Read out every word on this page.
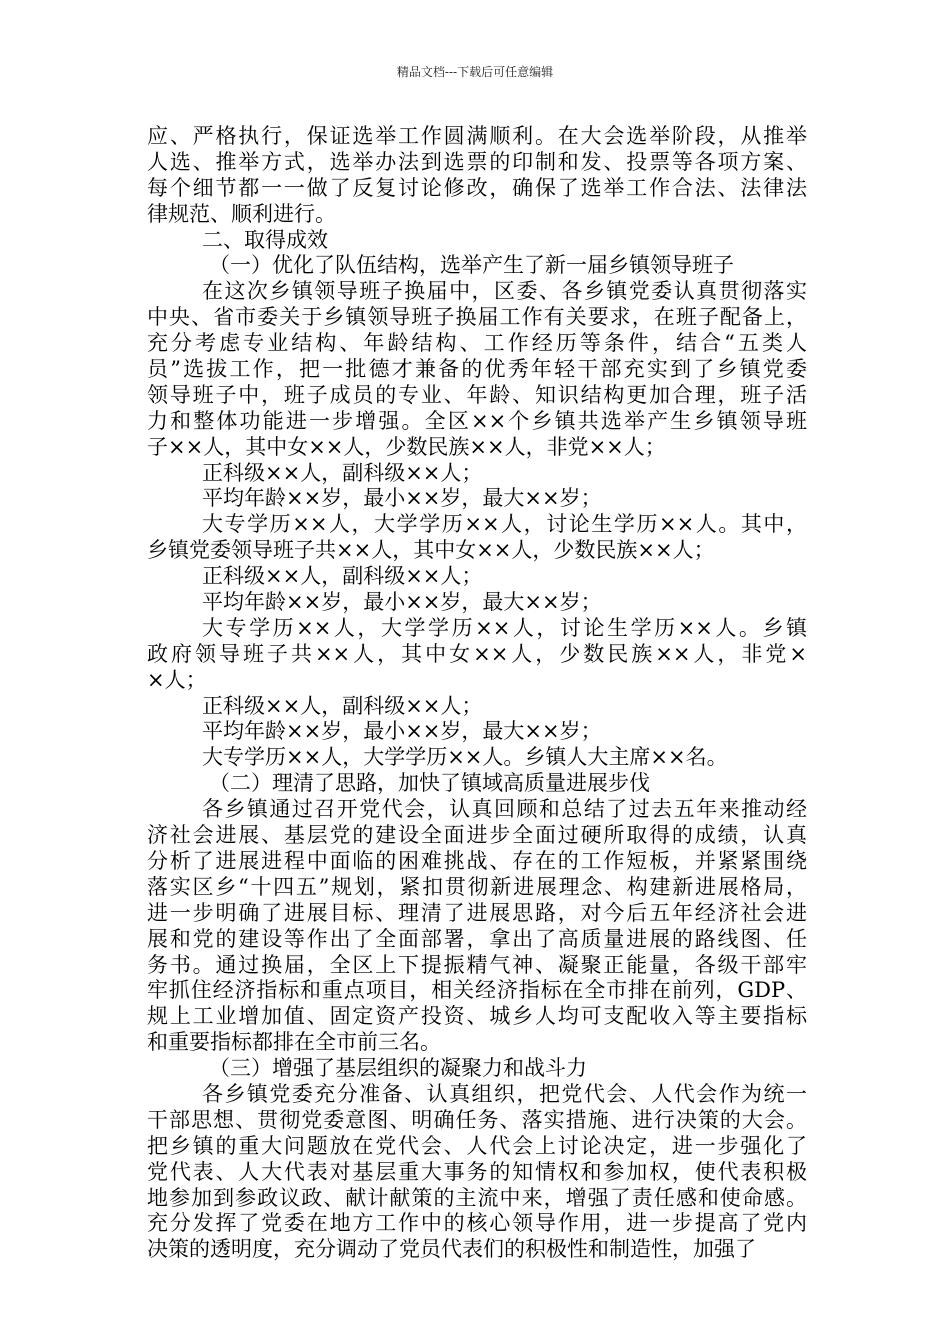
精品文档---下载后可任意编辑
应、严格执行，保证选举工作圆满顺利。在大会选举阶段，从推举
人选、推举方式，选举办法到选票的印制和发、投票等各项方案、
每个细节都一一做了反复讨论修改，确保了选举工作合法、法律法
律规范、顺利进行。
二、取得成效
（一）优化了队伍结构，选举产生了新一届乡镇领导班子
在这次乡镇领导班子换届中，区委、各乡镇党委认真贯彻落实
中央、省市委关于乡镇领导班子换届工作有关要求，在班子配备上，
充分考虑专业结构、年龄结构、工作经历等条件，结合“五类人
员”选拔工作，把一批德才兼备的优秀年轻干部充实到了乡镇党委
领导班子中，班子成员的专业、年龄、知识结构更加合理，班子活
力和整体功能进一步增强。全区××个乡镇共选举产生乡镇领导班
子××人，其中女××人，少数民族××人，非党××人；
正科级××人，副科级××人；
平均年龄××岁，最小××岁，最大××岁；
大专学历××人，大学学历××人，讨论生学历××人。其中，
乡镇党委领导班子共××人，其中女××人，少数民族××人；
正科级××人，副科级××人；
平均年龄××岁，最小××岁，最大××岁；
大专学历××人，大学学历××人，讨论生学历××人。乡镇
政府领导班子共××人，其中女××人，少数民族××人，非党×
×人；
正科级××人，副科级××人；
平均年龄××岁，最小××岁，最大××岁；
大专学历××人，大学学历××人。乡镇人大主席××名。
（二）理清了思路，加快了镇域高质量进展步伐
各乡镇通过召开党代会，认真回顾和总结了过去五年来推动经
济社会进展、基层党的建设全面进步全面过硬所取得的成绩，认真
分析了进展进程中面临的困难挑战、存在的工作短板，并紧紧围绕
落实区乡“十四五”规划，紧扣贯彻新进展理念、构建新进展格局，
进一步明确了进展目标、理清了进展思路，对今后五年经济社会进
展和党的建设等作出了全面部署，拿出了高质量进展的路线图、任
务书。通过换届，全区上下提振精气神、凝聚正能量，各级干部牢
牢抓住经济指标和重点项目，相关经济指标在全市排在前列，GDP、
规上工业增加值、固定资产投资、城乡人均可支配收入等主要指标
和重要指标都排在全市前三名。
（三）增强了基层组织的凝聚力和战斗力
各乡镇党委充分准备、认真组织，把党代会、人代会作为统一
干部思想、贯彻党委意图、明确任务、落实措施、进行决策的大会。
把乡镇的重大问题放在党代会、人代会上讨论决定，进一步强化了
党代表、人大代表对基层重大事务的知情权和参加权，使代表积极
地参加到参政议政、献计献策的主流中来，增强了责任感和使命感。
充分发挥了党委在地方工作中的核心领导作用，进一步提高了党内
决策的透明度，充分调动了党员代表们的积极性和制造性，加强了
